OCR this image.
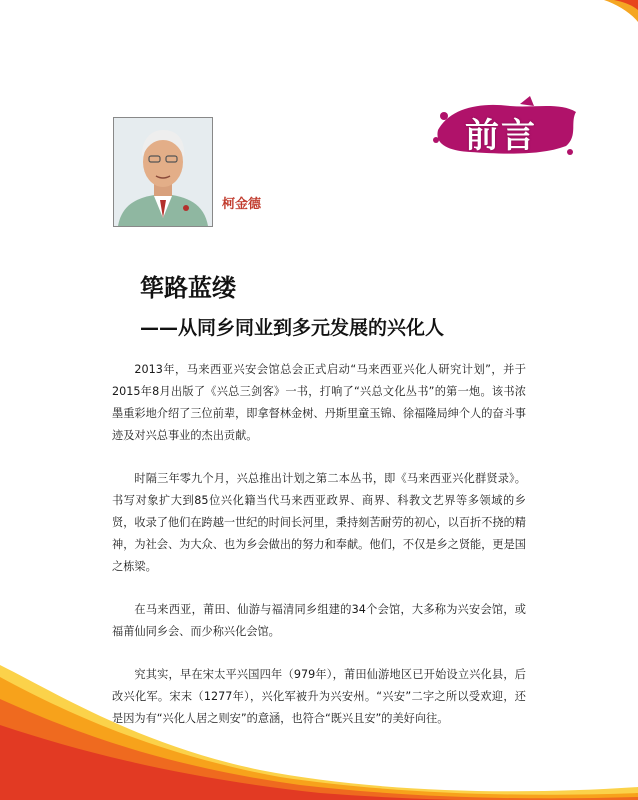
前言
柯金德
筚路蓝缕
——从同乡同业到多元发展的兴化人

2013年，马来西亚兴安会馆总会正式启动“马来西亚兴化人研究计划”，并于2015年8月出版了《兴总三剑客》一书，打响了“兴总文化丛书”的第一炮。该书浓墨重彩地介绍了三位前辈，即拿督林金树、丹斯里童玉锦、徐福隆局绅个人的奋斗事迹及对兴总事业的杰出贡献。

时隔三年零九个月，兴总推出计划之第二本丛书，即《马来西亚兴化群贤录》。书写对象扩大到85位兴化籍当代马来西亚政界、商界、科教文艺界等多领域的乡贤，收录了他们在跨越一世纪的时间长河里，秉持刻苦耐劳的初心，以百折不挠的精神，为社会、为大众、也为乡会做出的努力和奉献。他们，不仅是乡之贤能，更是国之栋梁。

在马来西亚，莆田、仙游与福清同乡组建的34个会馆，大多称为兴安会馆，或福莆仙同乡会、而少称兴化会馆。

究其实，早在宋太平兴国四年（979年），莆田仙游地区已开始设立兴化县，后改兴化军。宋末（1277年），兴化军被升为兴安州。“兴安”二字之所以受欢迎，还是因为有“兴化人居之则安”的意涵，也符合“既兴且安”的美好向往。
